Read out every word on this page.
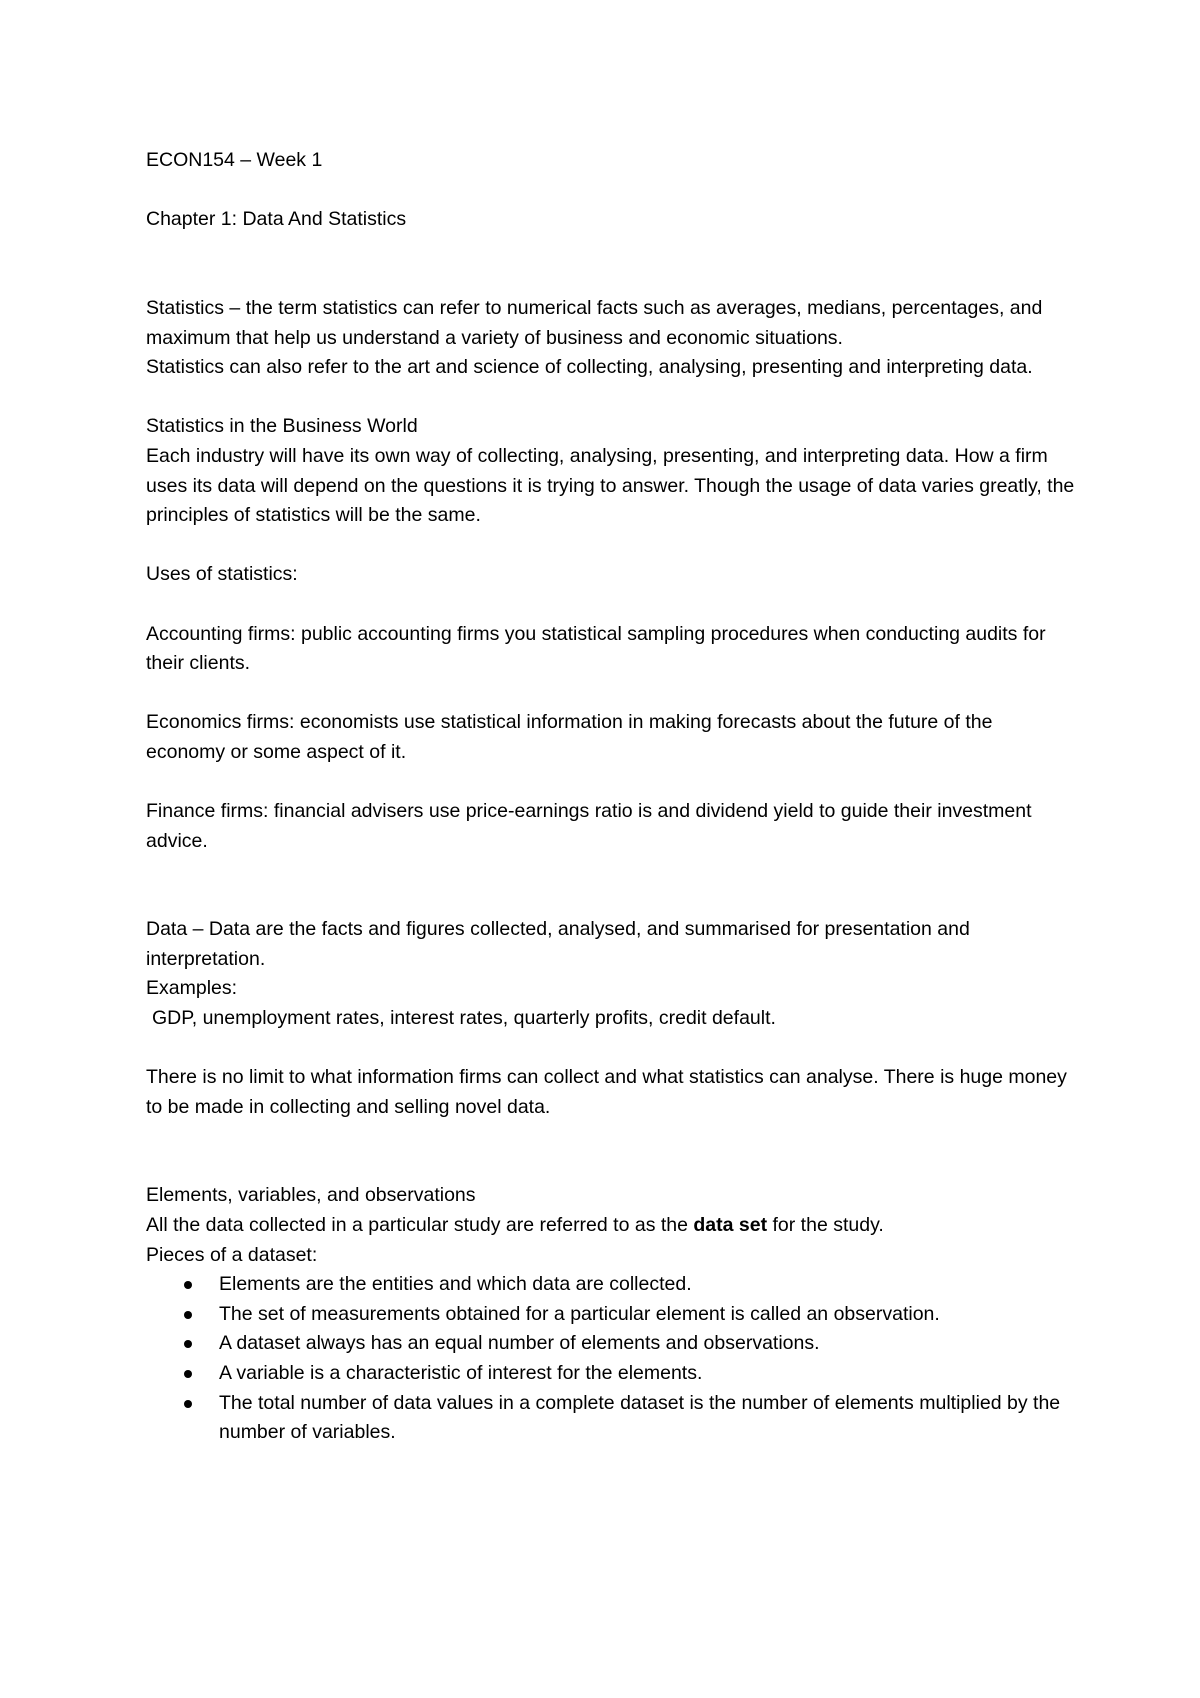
ECON154 – Week 1

Chapter 1: Data And Statistics

Statistics – the term statistics can refer to numerical facts such as averages, medians, percentages, and maximum that help us understand a variety of business and economic situations.

Statistics can also refer to the art and science of collecting, analysing, presenting and interpreting data.

Statistics in the Business World

Each industry will have its own way of collecting, analysing, presenting, and interpreting data. How a firm uses its data will depend on the questions it is trying to answer. Though the usage of data varies greatly, the principles of statistics will be the same.

Uses of statistics:

Accounting firms: public accounting firms you statistical sampling procedures when conducting audits for their clients.

Economics firms: economists use statistical information in making forecasts about the future of the economy or some aspect of it.

Finance firms: financial advisers use price-earnings ratio is and dividend yield to guide their investment advice.

Data – Data are the facts and figures collected, analysed, and summarised for presentation and interpretation.

Examples:

GDP, unemployment rates, interest rates, quarterly profits, credit default.

There is no limit to what information firms can collect and what statistics can analyse. There is huge money to be made in collecting and selling novel data.

Elements, variables, and observations

All the data collected in a particular study are referred to as the data set for the study.

Pieces of a dataset:

Elements are the entities and which data are collected.
The set of measurements obtained for a particular element is called an observation.
A dataset always has an equal number of elements and observations.
A variable is a characteristic of interest for the elements.
The total number of data values in a complete dataset is the number of elements multiplied by the number of variables.
